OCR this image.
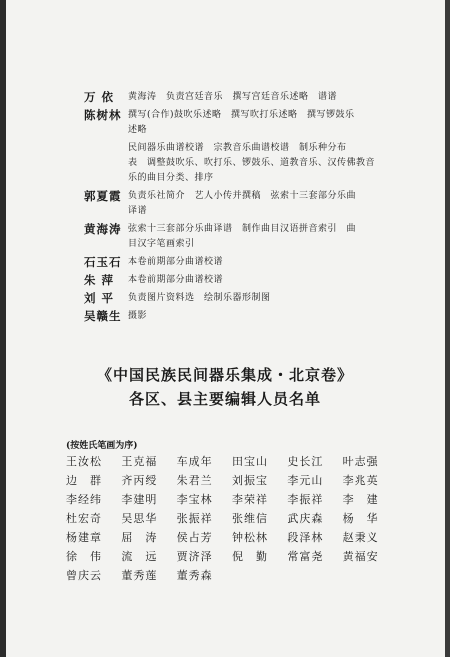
万 依	黄海涛　负责宫廷音乐　撰写宫廷音乐述略　谱谱
陈树林 撰写(合作)鼓吹乐述略　撰写吹打乐述略　撰写锣鼓乐
述略
民间器乐曲谱校谱　宗教音乐曲谱校谱　制乐种分布
表　调整鼓吹乐、吹打乐、锣鼓乐、道教音乐、汉传佛教音
乐的曲目分类、排序
郭夏霞 负责乐社简介　艺人小传并撰稿　弦索十三套部分乐曲
译谱
黄海涛 弦索十三套部分乐曲译谱　制作曲目汉语拼音索引　曲
目汉字笔画索引
石玉石 本卷前期部分曲谱校谱
朱 萍	本卷前期部分曲谱校谱
刘 平	负责图片资料选　绘制乐器形制图
吴赣生 摄影
《中国民族民间器乐集成・北京卷》
各区、县主要编辑人员名单
(按姓氏笔画为序)
王汝松	王克福	车成年	田宝山	史长江	叶志强
边　群	齐丙绶	朱君兰	刘振宝	李元山	李兆英
李经纬	李建明	李宝林	李荣祥	李振祥	李　建
杜宏奇	吴思华	张振祥	张维信	武庆森	杨　华
杨建章	屈　涛	侯占芳	钟松林	段泽林	赵秉义
徐　伟	流　远	贾济泽	倪　勤	常富尧	黄福安
曾庆云	董秀莲	董秀森
